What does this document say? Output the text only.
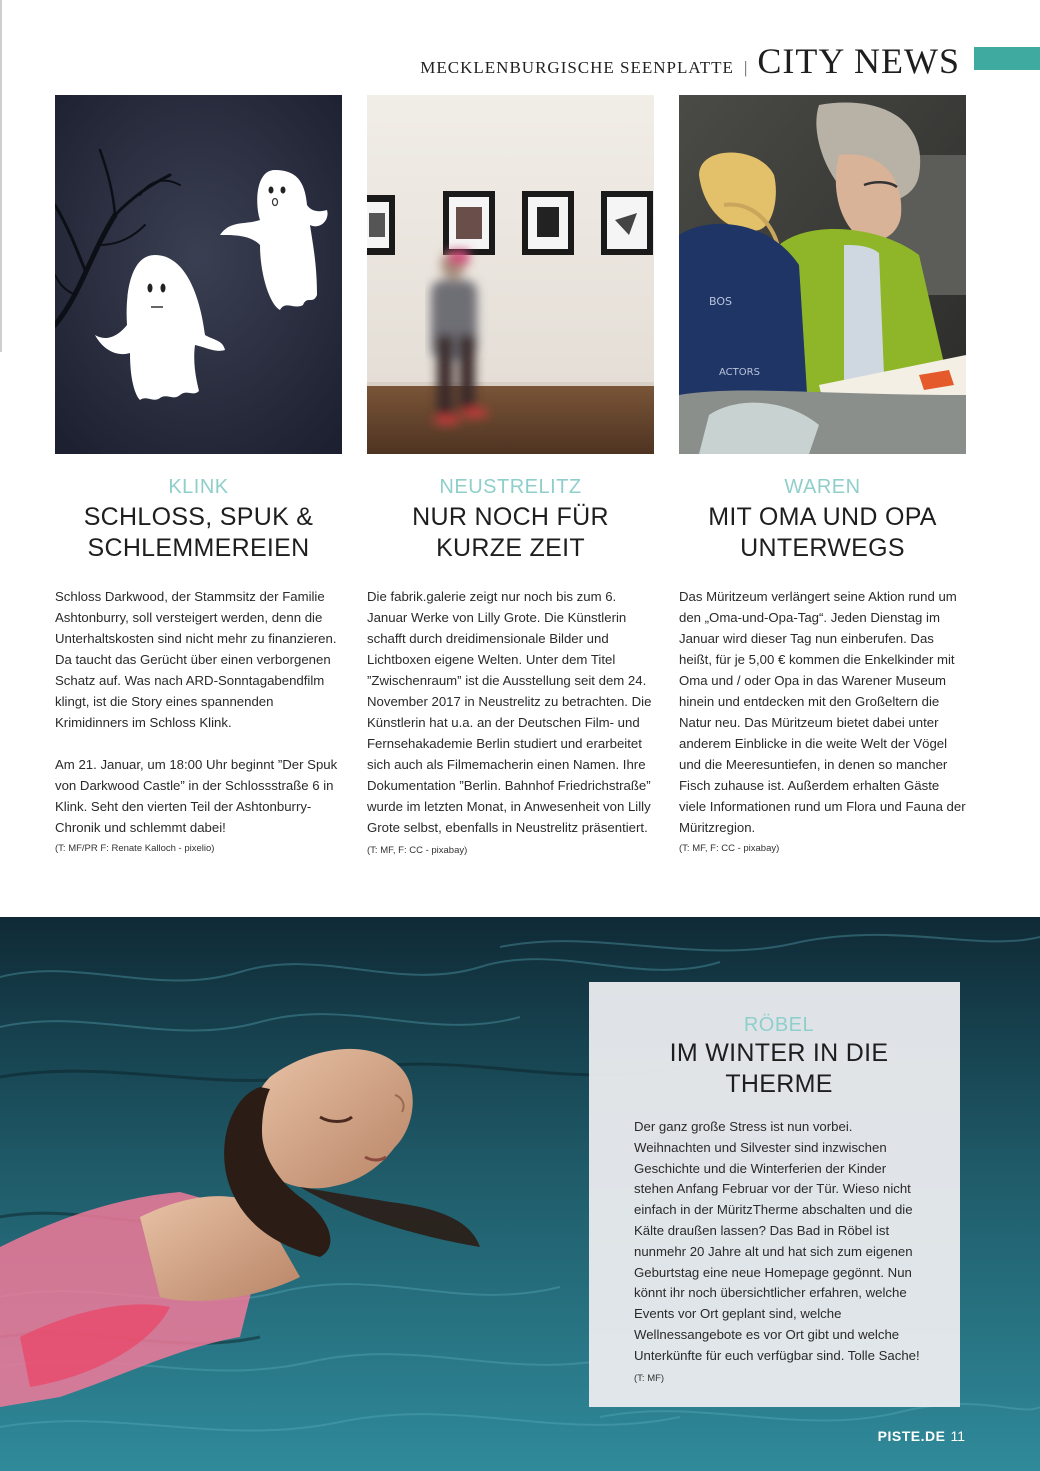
MECKLENBURGISCHE SEENPLATTE | CITY NEWS
BOS
ACTORS
KLINK
SCHLOSS, SPUK &
SCHLEMMEREIEN

Schloss Darkwood, der Stammsitz der Familie Ashtonburry, soll versteigert werden, denn die Unterhaltskosten sind nicht mehr zu finanzieren. Da taucht das Gerücht über einen verborgenen Schatz auf. Was nach ARD-Sonntagabendfilm klingt, ist die Story eines spannenden Krimidinners im Schloss Klink.

Am 21. Januar, um 18:00 Uhr beginnt ”Der Spuk von Darkwood Castle” in der Schlossstraße 6 in Klink. Seht den vierten Teil der Ashtonburry-Chronik und schlemmt dabei!

(T: MF/PR F: Renate Kalloch - pixelio)
NEUSTRELITZ
NUR NOCH FÜR
KURZE ZEIT

Die fabrik.galerie zeigt nur noch bis zum 6. Januar Werke von Lilly Grote. Die Künstlerin schafft durch dreidimensionale Bilder und Lichtboxen eigene Welten. Unter dem Titel ”Zwischenraum” ist die Ausstellung seit dem 24. November 2017 in Neustrelitz zu betrachten. Die Künstlerin hat u.a. an der Deutschen Film- und Fernsehakademie Berlin studiert und erarbeitet sich auch als Filmemacherin einen Namen. Ihre Dokumentation ”Berlin. Bahnhof Friedrichstraße” wurde im letzten Monat, in Anwesenheit von Lilly Grote selbst, ebenfalls in Neustrelitz präsentiert. (T: MF, F: CC - pixabay)

WAREN
MIT OMA UND OPA
UNTERWEGS

Das Müritzeum verlängert seine Aktion rund um den „Oma-und-Opa-Tag“. Jeden Dienstag im Januar wird dieser Tag nun einberufen. Das heißt, für je 5,00 € kommen die Enkelkinder mit Oma und / oder Opa in das Warener Museum hinein und entdecken mit den Großeltern die Natur neu. Das Müritzeum bietet dabei unter anderem Einblicke in die weite Welt der Vögel und die Meeresuntiefen, in denen so mancher Fisch zuhause ist. Außerdem erhalten Gäste viele Informationen rund um Flora und Fauna der Müritzregion.

(T: MF, F: CC - pixabay)
RÖBEL
IM WINTER IN DIE
THERME
Der ganz große Stress ist nun vorbei. Weihnachten und Silvester sind inzwischen Geschichte und die Winterferien der Kinder stehen Anfang Februar vor der Tür. Wieso nicht einfach in der MüritzTherme abschalten und die Kälte draußen lassen? Das Bad in Röbel ist nunmehr 20 Jahre alt und hat sich zum eigenen Geburtstag eine neue Homepage gegönnt. Nun könnt ihr noch übersichtlicher erfahren, welche Events vor Ort geplant sind, welche Wellnessangebote es vor Ort gibt und welche Unterkünfte für euch verfügbar sind. Tolle Sache! (T: MF)
PISTE.DE 11
